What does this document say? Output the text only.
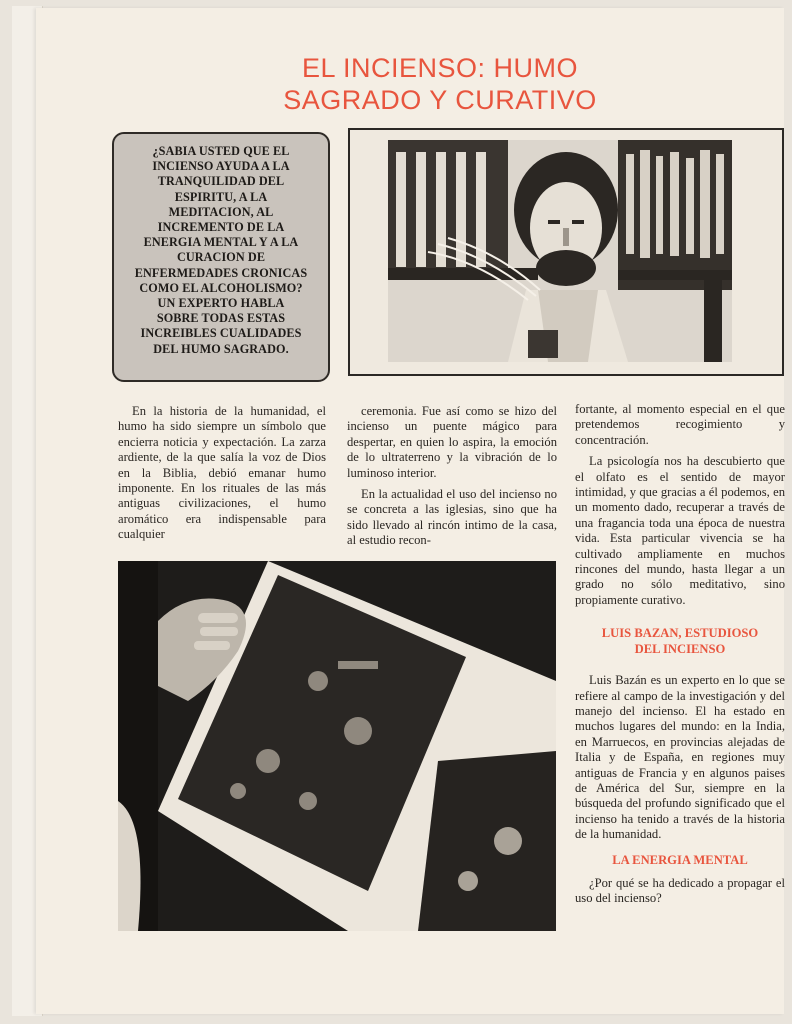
EL INCIENSO: HUMO
SAGRADO Y CURATIVO
¿SABIA USTED QUE EL
INCIENSO AYUDA A LA
TRANQUILIDAD DEL
ESPIRITU, A LA
MEDITACION, AL
INCREMENTO DE LA
ENERGIA MENTAL Y A LA
CURACION DE
ENFERMEDADES CRONICAS
COMO EL ALCOHOLISMO?
UN EXPERTO HABLA
SOBRE TODAS ESTAS
INCREIBLES CUALIDADES
DEL HUMO SAGRADO.

En la historia de la humanidad, el humo ha sido siempre un símbolo que encierra noticia y expectación. La zarza ardiente, de la que salía la voz de Dios en la Biblia, debió emanar humo imponente. En los rituales de las más antiguas civilizaciones, el humo aromático era indispensable para cualquier

ceremonia. Fue así como se hizo del incienso un puente mágico para despertar, en quien lo aspira, la emoción de lo ultraterreno y la vibración de lo luminoso interior.

En la actualidad el uso del incienso no se concreta a las iglesias, sino que ha sido llevado al rincón intimo de la casa, al estudio recon-

fortante, al momento especial en el que pretendemos recogimiento y concentración.

La psicología nos ha descubierto que el olfato es el sentido de mayor intimidad, y que gracias a él podemos, en un momento dado, recuperar a través de una fragancia toda una época de nuestra vida. Esta particular vivencia se ha cultivado ampliamente en muchos rincones del mundo, hasta llegar a un grado no sólo meditativo, sino propiamente curativo.

LUIS BAZAN, ESTUDIOSO
DEL INCIENSO

Luis Bazán es un experto en lo que se refiere al campo de la investigación y del manejo del incienso. El ha estado en muchos lugares del mundo: en la India, en Marruecos, en provincias alejadas de Italia y de España, en regiones muy antiguas de Francia y en algunos paises de América del Sur, siempre en la búsqueda del profundo significado que el incienso ha tenido a través de la historia de la humanidad.

LA ENERGIA MENTAL

¿Por qué se ha dedicado a propagar el uso del incienso?
